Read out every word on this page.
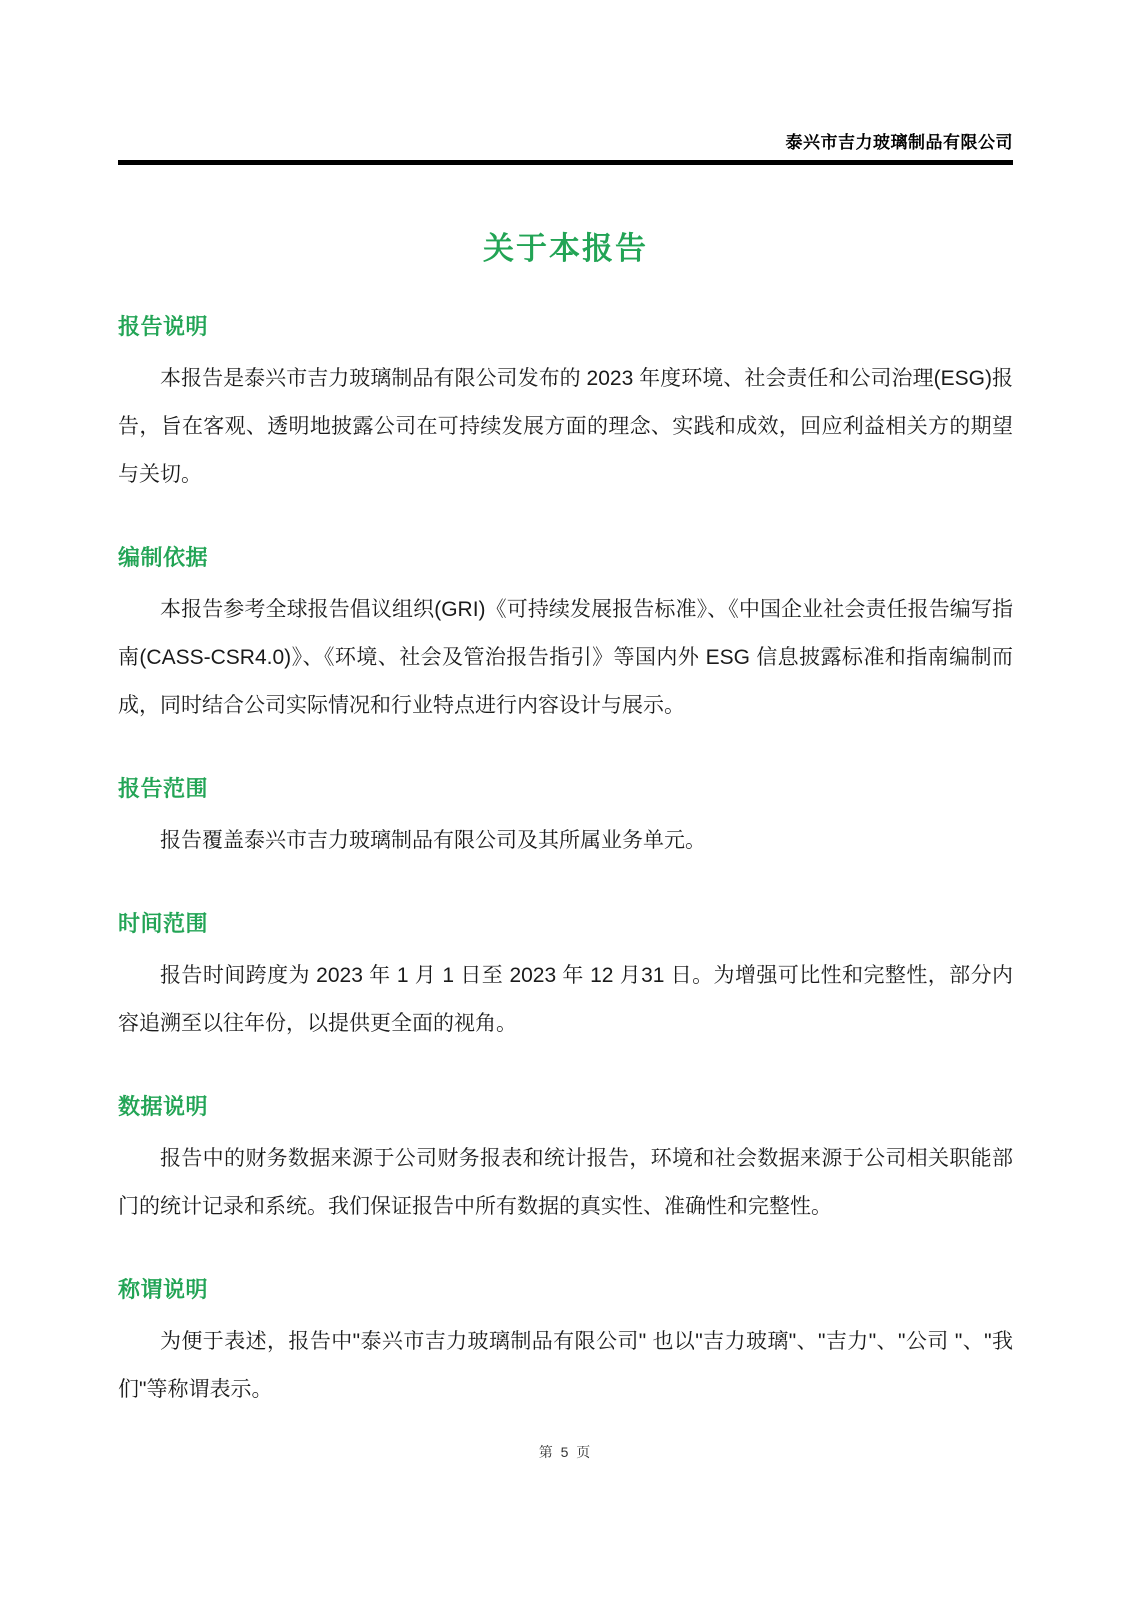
泰兴市吉力玻璃制品有限公司
关于本报告
报告说明

本报告是泰兴市吉力玻璃制品有限公司发布的 2023 年度环境、社会责任和公司治理(ESG)报告，旨在客观、透明地披露公司在可持续发展方面的理念、实践和成效，回应利益相关方的期望与关切。

编制依据

本报告参考全球报告倡议组织(GRI)《可持续发展报告标准》、《中国企业社会责任报告编写指南(CASS-CSR4.0)》、《环境、社会及管治报告指引》等国内外 ESG 信息披露标准和指南编制而成，同时结合公司实际情况和行业特点进行内容设计与展示。

报告范围

报告覆盖泰兴市吉力玻璃制品有限公司及其所属业务单元。

时间范围

报告时间跨度为 2023 年 1 月 1 日至 2023 年 12 月31 日。为增强可比性和完整性，部分内容追溯至以往年份，以提供更全面的视角。

数据说明

报告中的财务数据来源于公司财务报表和统计报告，环境和社会数据来源于公司相关职能部门的统计记录和系统。我们保证报告中所有数据的真实性、准确性和完整性。

称谓说明

为便于表述，报告中"泰兴市吉力玻璃制品有限公司" 也以"吉力玻璃"、"吉力"、"公司 "、"我们"等称谓表示。

第 5 页
